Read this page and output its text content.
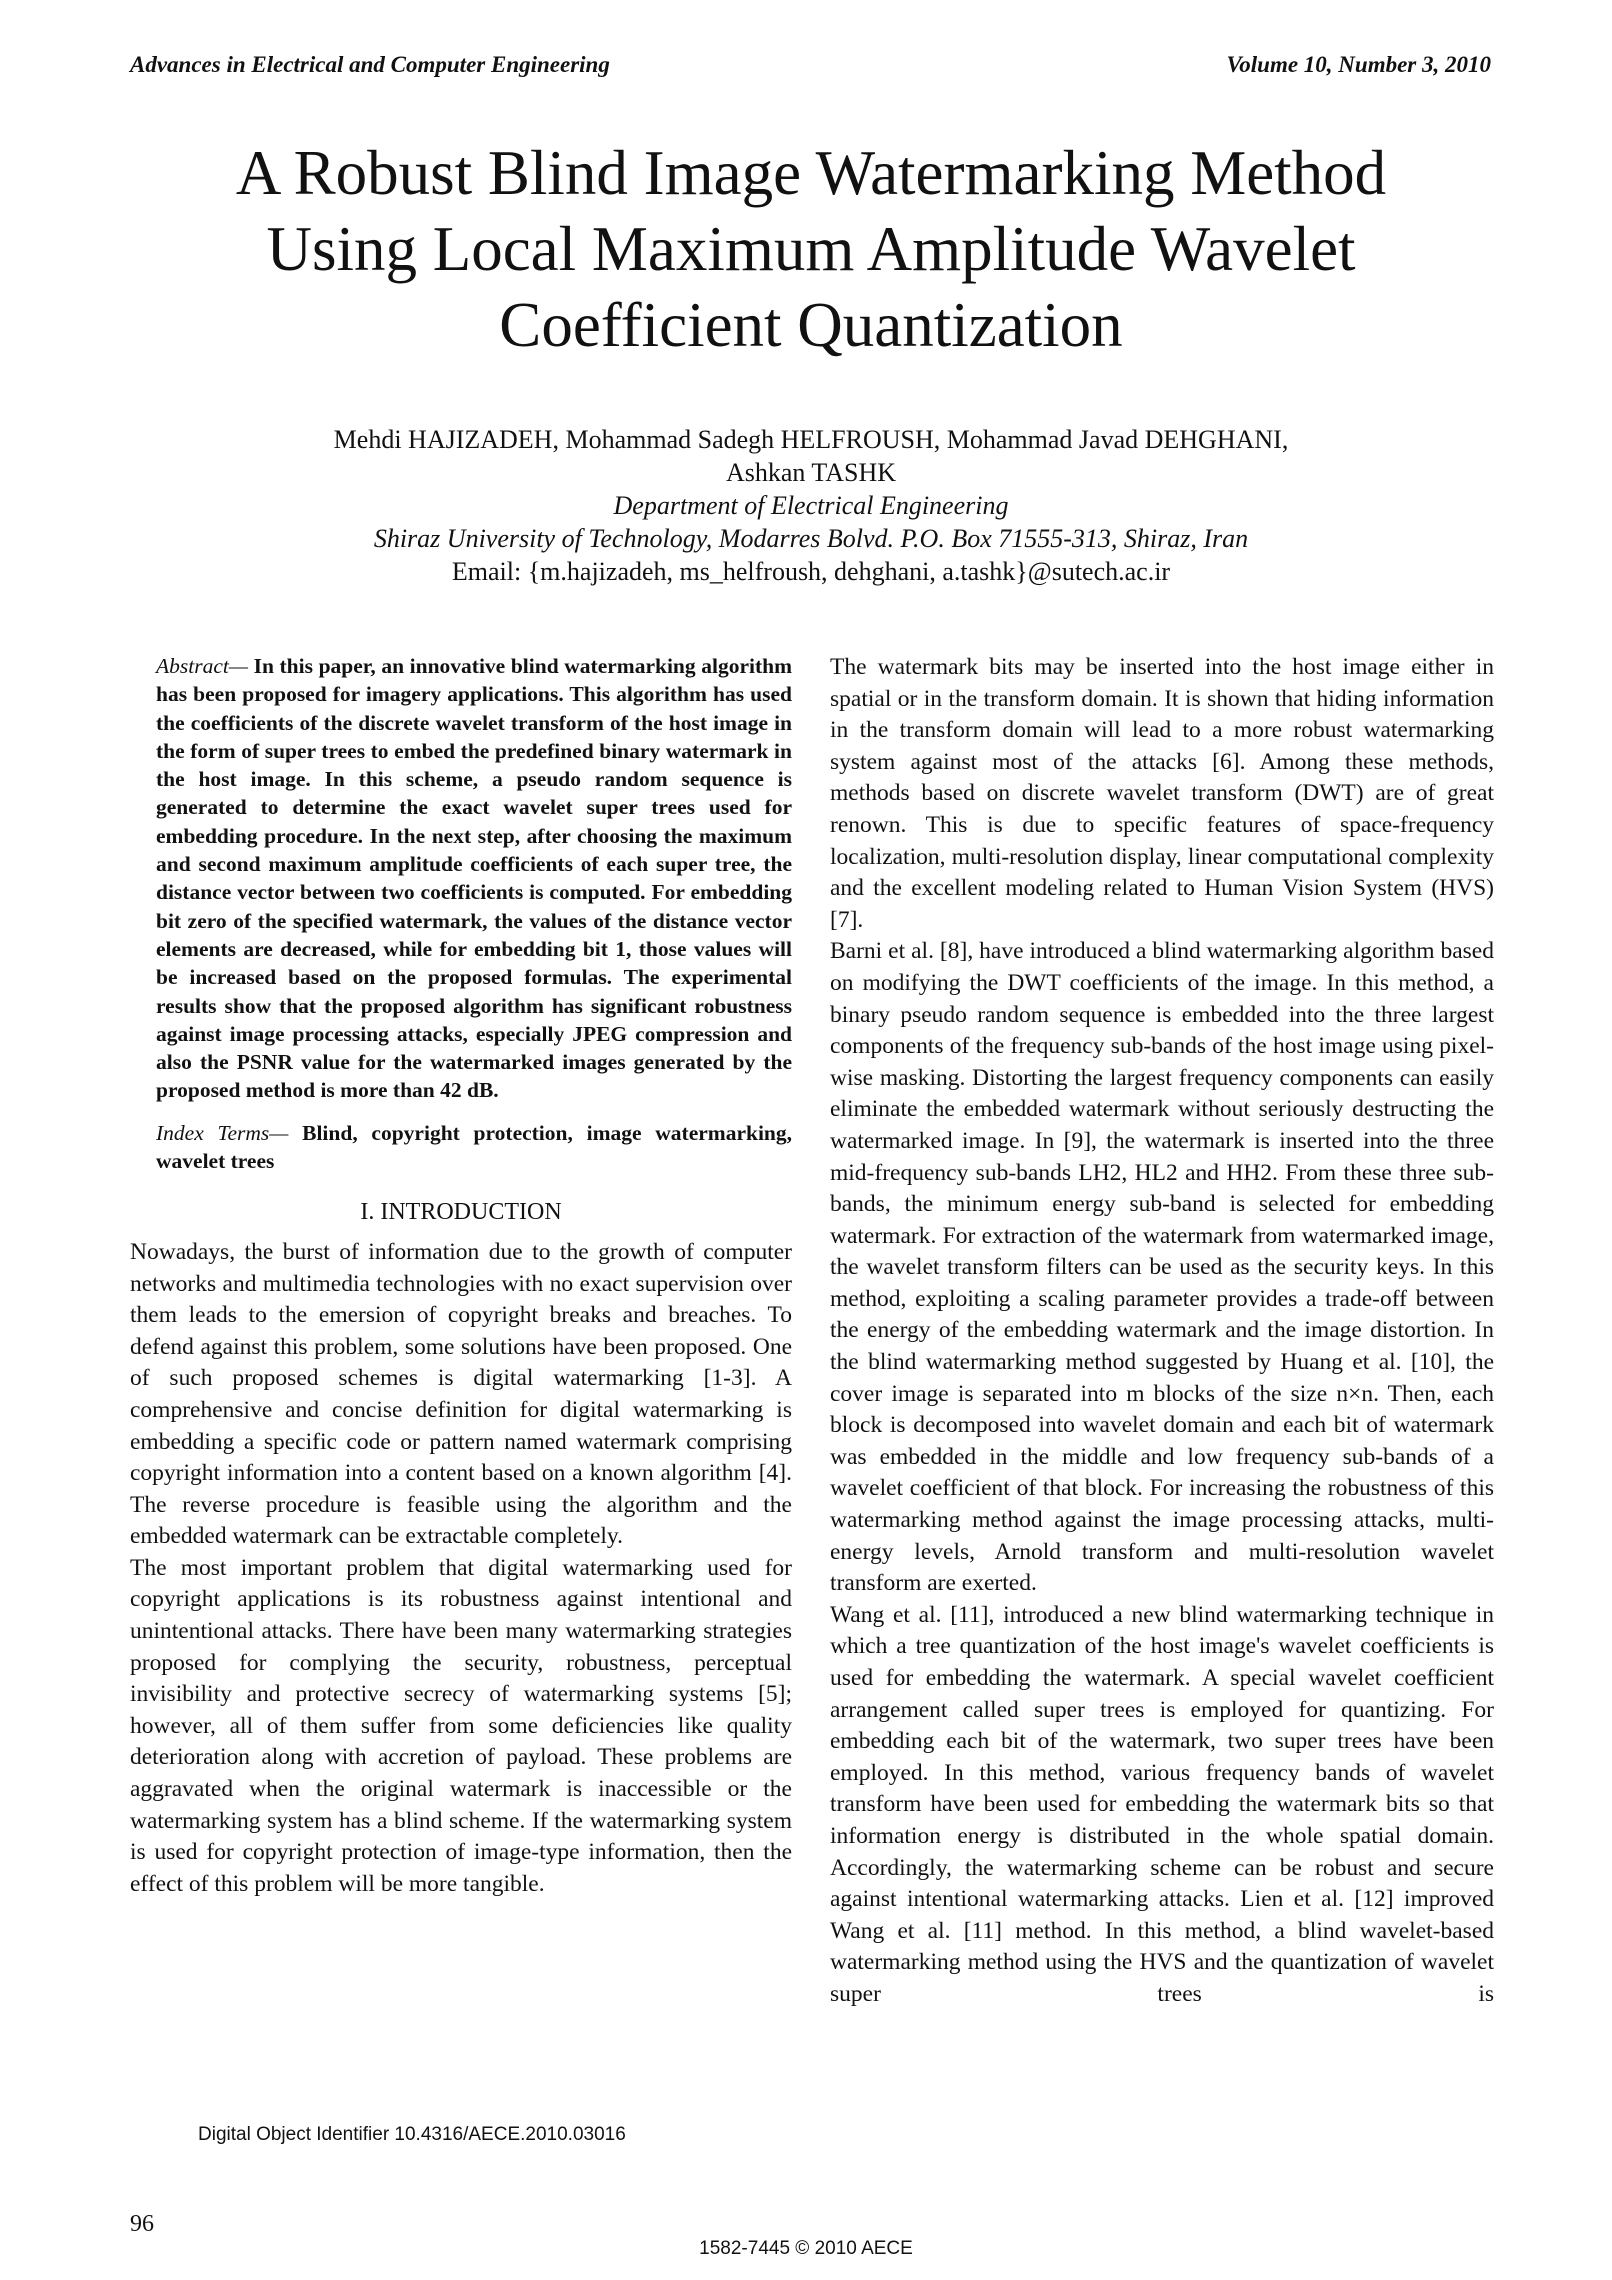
Advances in Electrical and Computer Engineering	Volume 10, Number 3, 2010
A Robust Blind Image Watermarking Method
Using Local Maximum Amplitude Wavelet
Coefficient Quantization
Mehdi HAJIZADEH, Mohammad Sadegh HELFROUSH, Mohammad Javad DEHGHANI,
Ashkan TASHK
Department of Electrical Engineering
Shiraz University of Technology, Modarres Bolvd. P.O. Box 71555-313, Shiraz, Iran
Email: {m.hajizadeh, ms_helfroush, dehghani, a.tashk}@sutech.ac.ir

Abstract— In this paper, an innovative blind watermarking algorithm has been proposed for imagery applications. This algorithm has used the coefficients of the discrete wavelet transform of the host image in the form of super trees to embed the predefined binary watermark in the host image. In this scheme, a pseudo random sequence is generated to determine the exact wavelet super trees used for embedding procedure. In the next step, after choosing the maximum and second maximum amplitude coefficients of each super tree, the distance vector between two coefficients is computed. For embedding bit zero of the specified watermark, the values of the distance vector elements are decreased, while for embedding bit 1, those values will be increased based on the proposed formulas. The experimental results show that the proposed algorithm has significant robustness against image processing attacks, especially JPEG compression and also the PSNR value for the watermarked images generated by the proposed method is more than 42 dB.

Index Terms— Blind, copyright protection, image watermarking, wavelet trees

I. INTRODUCTION

Nowadays, the burst of information due to the growth of computer networks and multimedia technologies with no exact supervision over them leads to the emersion of copyright breaks and breaches. To defend against this problem, some solutions have been proposed. One of such proposed schemes is digital watermarking [1-3]. A comprehensive and concise definition for digital watermarking is embedding a specific code or pattern named watermark comprising copyright information into a content based on a known algorithm [4]. The reverse procedure is feasible using the algorithm and the embedded watermark can be extractable completely.

The most important problem that digital watermarking used for copyright applications is its robustness against intentional and unintentional attacks. There have been many watermarking strategies proposed for complying the security, robustness, perceptual invisibility and protective secrecy of watermarking systems [5]; however, all of them suffer from some deficiencies like quality deterioration along with accretion of payload. These problems are aggravated when the original watermark is inaccessible or the watermarking system has a blind scheme. If the watermarking system is used for copyright protection of image-type information, then the effect of this problem will be more tangible.

The watermark bits may be inserted into the host image either in spatial or in the transform domain. It is shown that hiding information in the transform domain will lead to a more robust watermarking system against most of the attacks [6]. Among these methods, methods based on discrete wavelet transform (DWT) are of great renown. This is due to specific features of space-frequency localization, multi-resolution display, linear computational complexity and the excellent modeling related to Human Vision System (HVS) [7].

Barni et al. [8], have introduced a blind watermarking algorithm based on modifying the DWT coefficients of the image. In this method, a binary pseudo random sequence is embedded into the three largest components of the frequency sub-bands of the host image using pixel-wise masking. Distorting the largest frequency components can easily eliminate the embedded watermark without seriously destructing the watermarked image. In [9], the watermark is inserted into the three mid-frequency sub-bands LH2, HL2 and HH2. From these three sub-bands, the minimum energy sub-band is selected for embedding watermark. For extraction of the watermark from watermarked image, the wavelet transform filters can be used as the security keys. In this method, exploiting a scaling parameter provides a trade-off between the energy of the embedding watermark and the image distortion. In the blind watermarking method suggested by Huang et al. [10], the cover image is separated into m blocks of the size n×n. Then, each block is decomposed into wavelet domain and each bit of watermark was embedded in the middle and low frequency sub-bands of a wavelet coefficient of that block. For increasing the robustness of this watermarking method against the image processing attacks, multi-energy levels, Arnold transform and multi-resolution wavelet transform are exerted.

Wang et al. [11], introduced a new blind watermarking technique in which a tree quantization of the host image's wavelet coefficients is used for embedding the watermark. A special wavelet coefficient arrangement called super trees is employed for quantizing. For embedding each bit of the watermark, two super trees have been employed. In this method, various frequency bands of wavelet transform have been used for embedding the watermark bits so that information energy is distributed in the whole spatial domain. Accordingly, the watermarking scheme can be robust and secure against intentional watermarking attacks. Lien et al. [12] improved Wang et al. [11] method. In this method, a blind wavelet-based watermarking method using the HVS and the quantization of wavelet super trees is

Digital Object Identifier 10.4316/AECE.2010.03016
96
1582-7445 © 2010 AECE
